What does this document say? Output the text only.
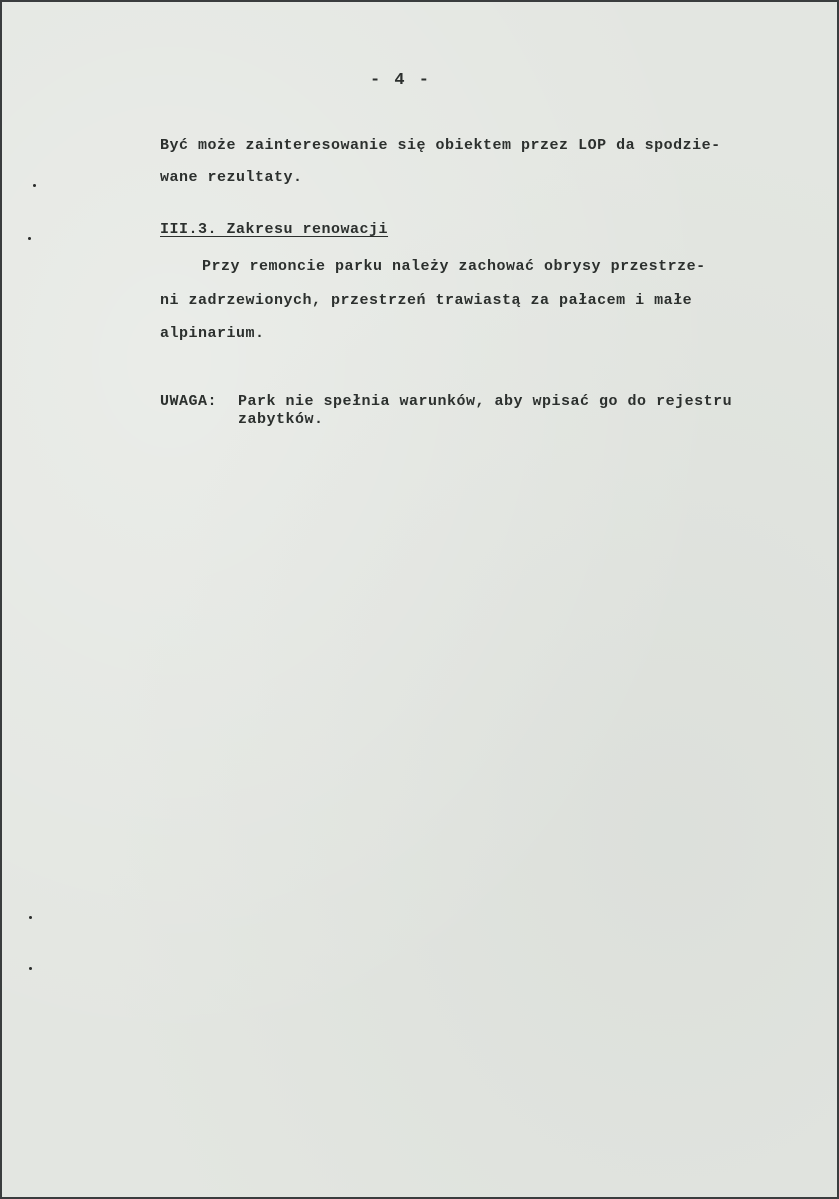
- 4 -

Być może zainteresowanie się obiektem przez LOP da spodzie-

wane rezultaty.

III.3. Zakresu renowacji

Przy remoncie parku należy zachować obrysy przestrze-

ni zadrzewionych, przestrzeń trawiastą za pałacem i małe

alpinarium.

UWAGA: Park nie spełnia warunków, aby wpisać go do rejestru

zabytków.
